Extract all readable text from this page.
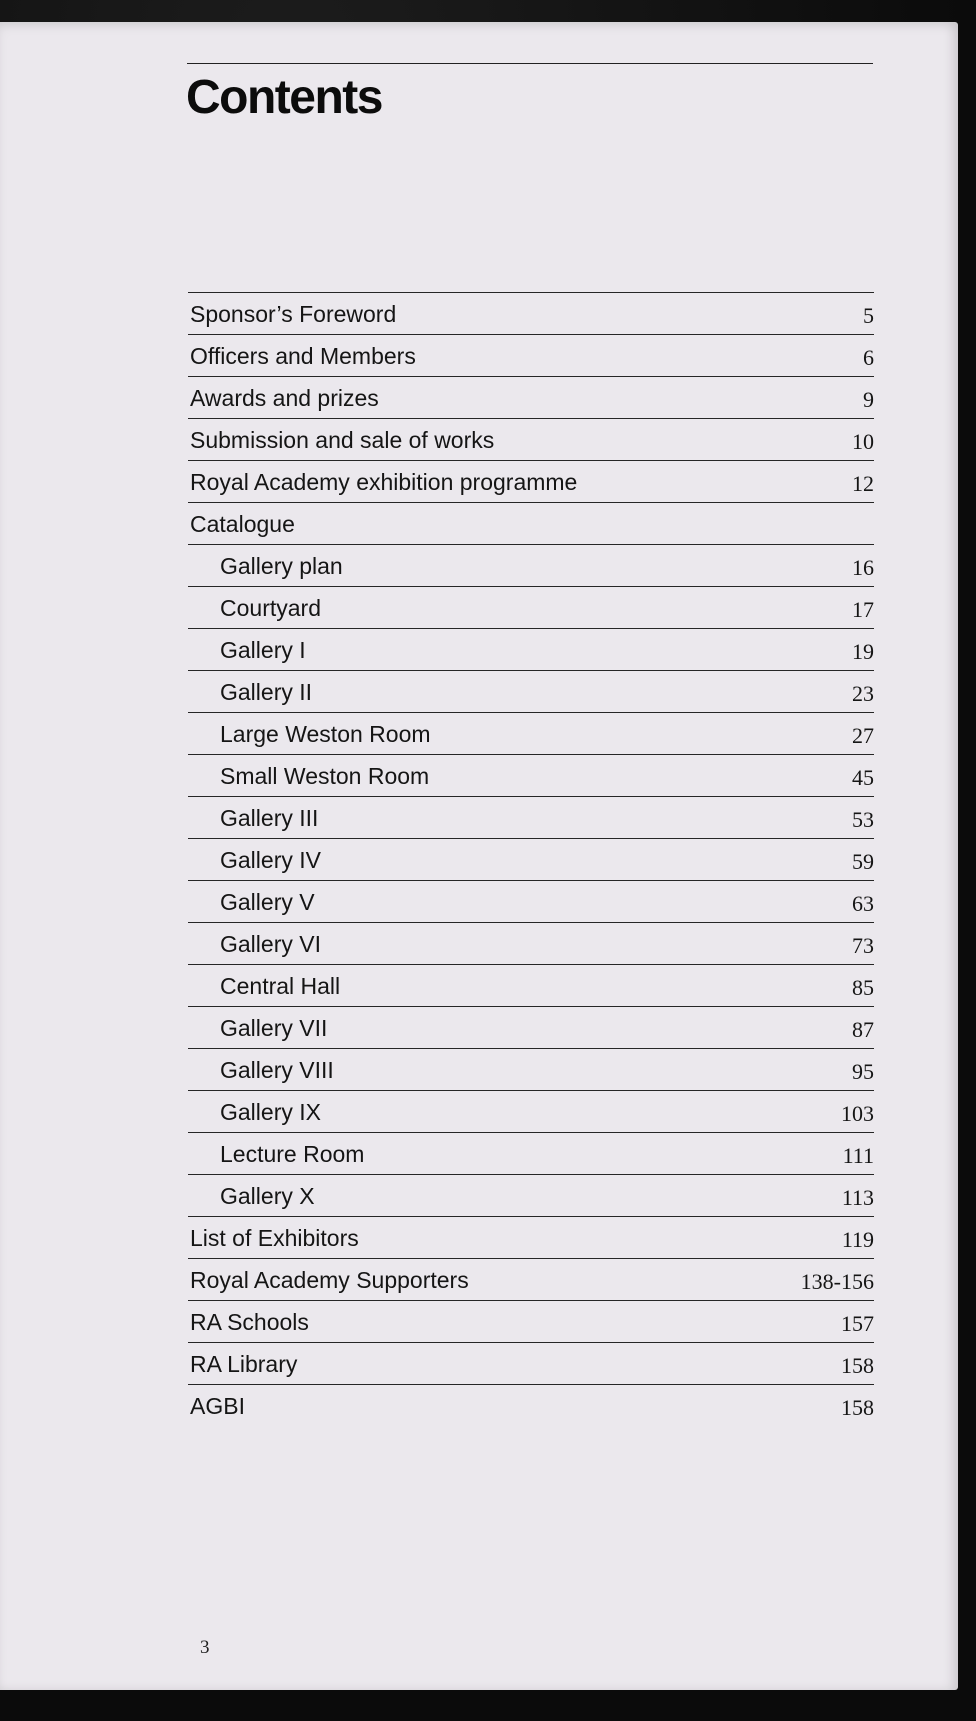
Contents
Sponsor’s Foreword	5
Officers and Members	6
Awards and prizes	9
Submission and sale of works	10
Royal Academy exhibition programme	12
Catalogue
Gallery plan	16
Courtyard	17
Gallery I	19
Gallery II	23
Large Weston Room	27
Small Weston Room	45
Gallery III	53
Gallery IV	59
Gallery V	63
Gallery VI	73
Central Hall	85
Gallery VII	87
Gallery VIII	95
Gallery IX	103
Lecture Room	111
Gallery X	113
List of Exhibitors	119
Royal Academy Supporters	138-156
RA Schools	157
RA Library	158
AGBI	158
3
